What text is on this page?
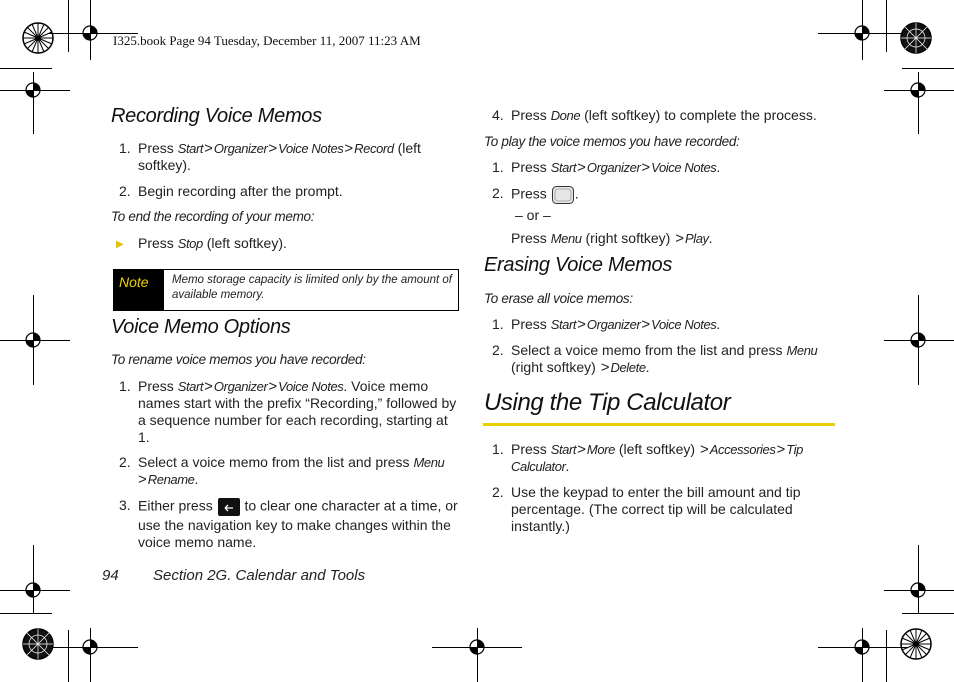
I325.book Page 94 Tuesday, December 11, 2007 11:23 AM
Recording Voice Memos
1. Press Start>Organizer>Voice Notes>Record (left softkey).
2. Begin recording after the prompt.
To end the recording of your memo:
▶ Press Stop (left softkey).
Note Memo storage capacity is limited only by the amount of available memory.
Voice Memo Options
To rename voice memos you have recorded:
1. Press Start>Organizer>Voice Notes. Voice memo names start with the prefix “Recording,” followed by a sequence number for each recording, starting at 1.
2. Select a voice memo from the list and press Menu
>Rename.
3. Either press to clear one character at a time, or use the navigation key to make changes within the voice memo name.
94 Section 2G. Calendar and Tools
4. Press Done (left softkey) to complete the process.
To play the voice memos you have recorded:
1. Press Start>Organizer>Voice Notes.
2. Press .
– or –
Press Menu (right softkey) >Play.
Erasing Voice Memos
To erase all voice memos:
1. Press Start>Organizer>Voice Notes.
2. Select a voice memo from the list and press Menu (right softkey) >Delete.
Using the Tip Calculator
1. Press Start>More (left softkey) >Accessories>Tip Calculator.
2. Use the keypad to enter the bill amount and tip percentage. (The correct tip will be calculated instantly.)
